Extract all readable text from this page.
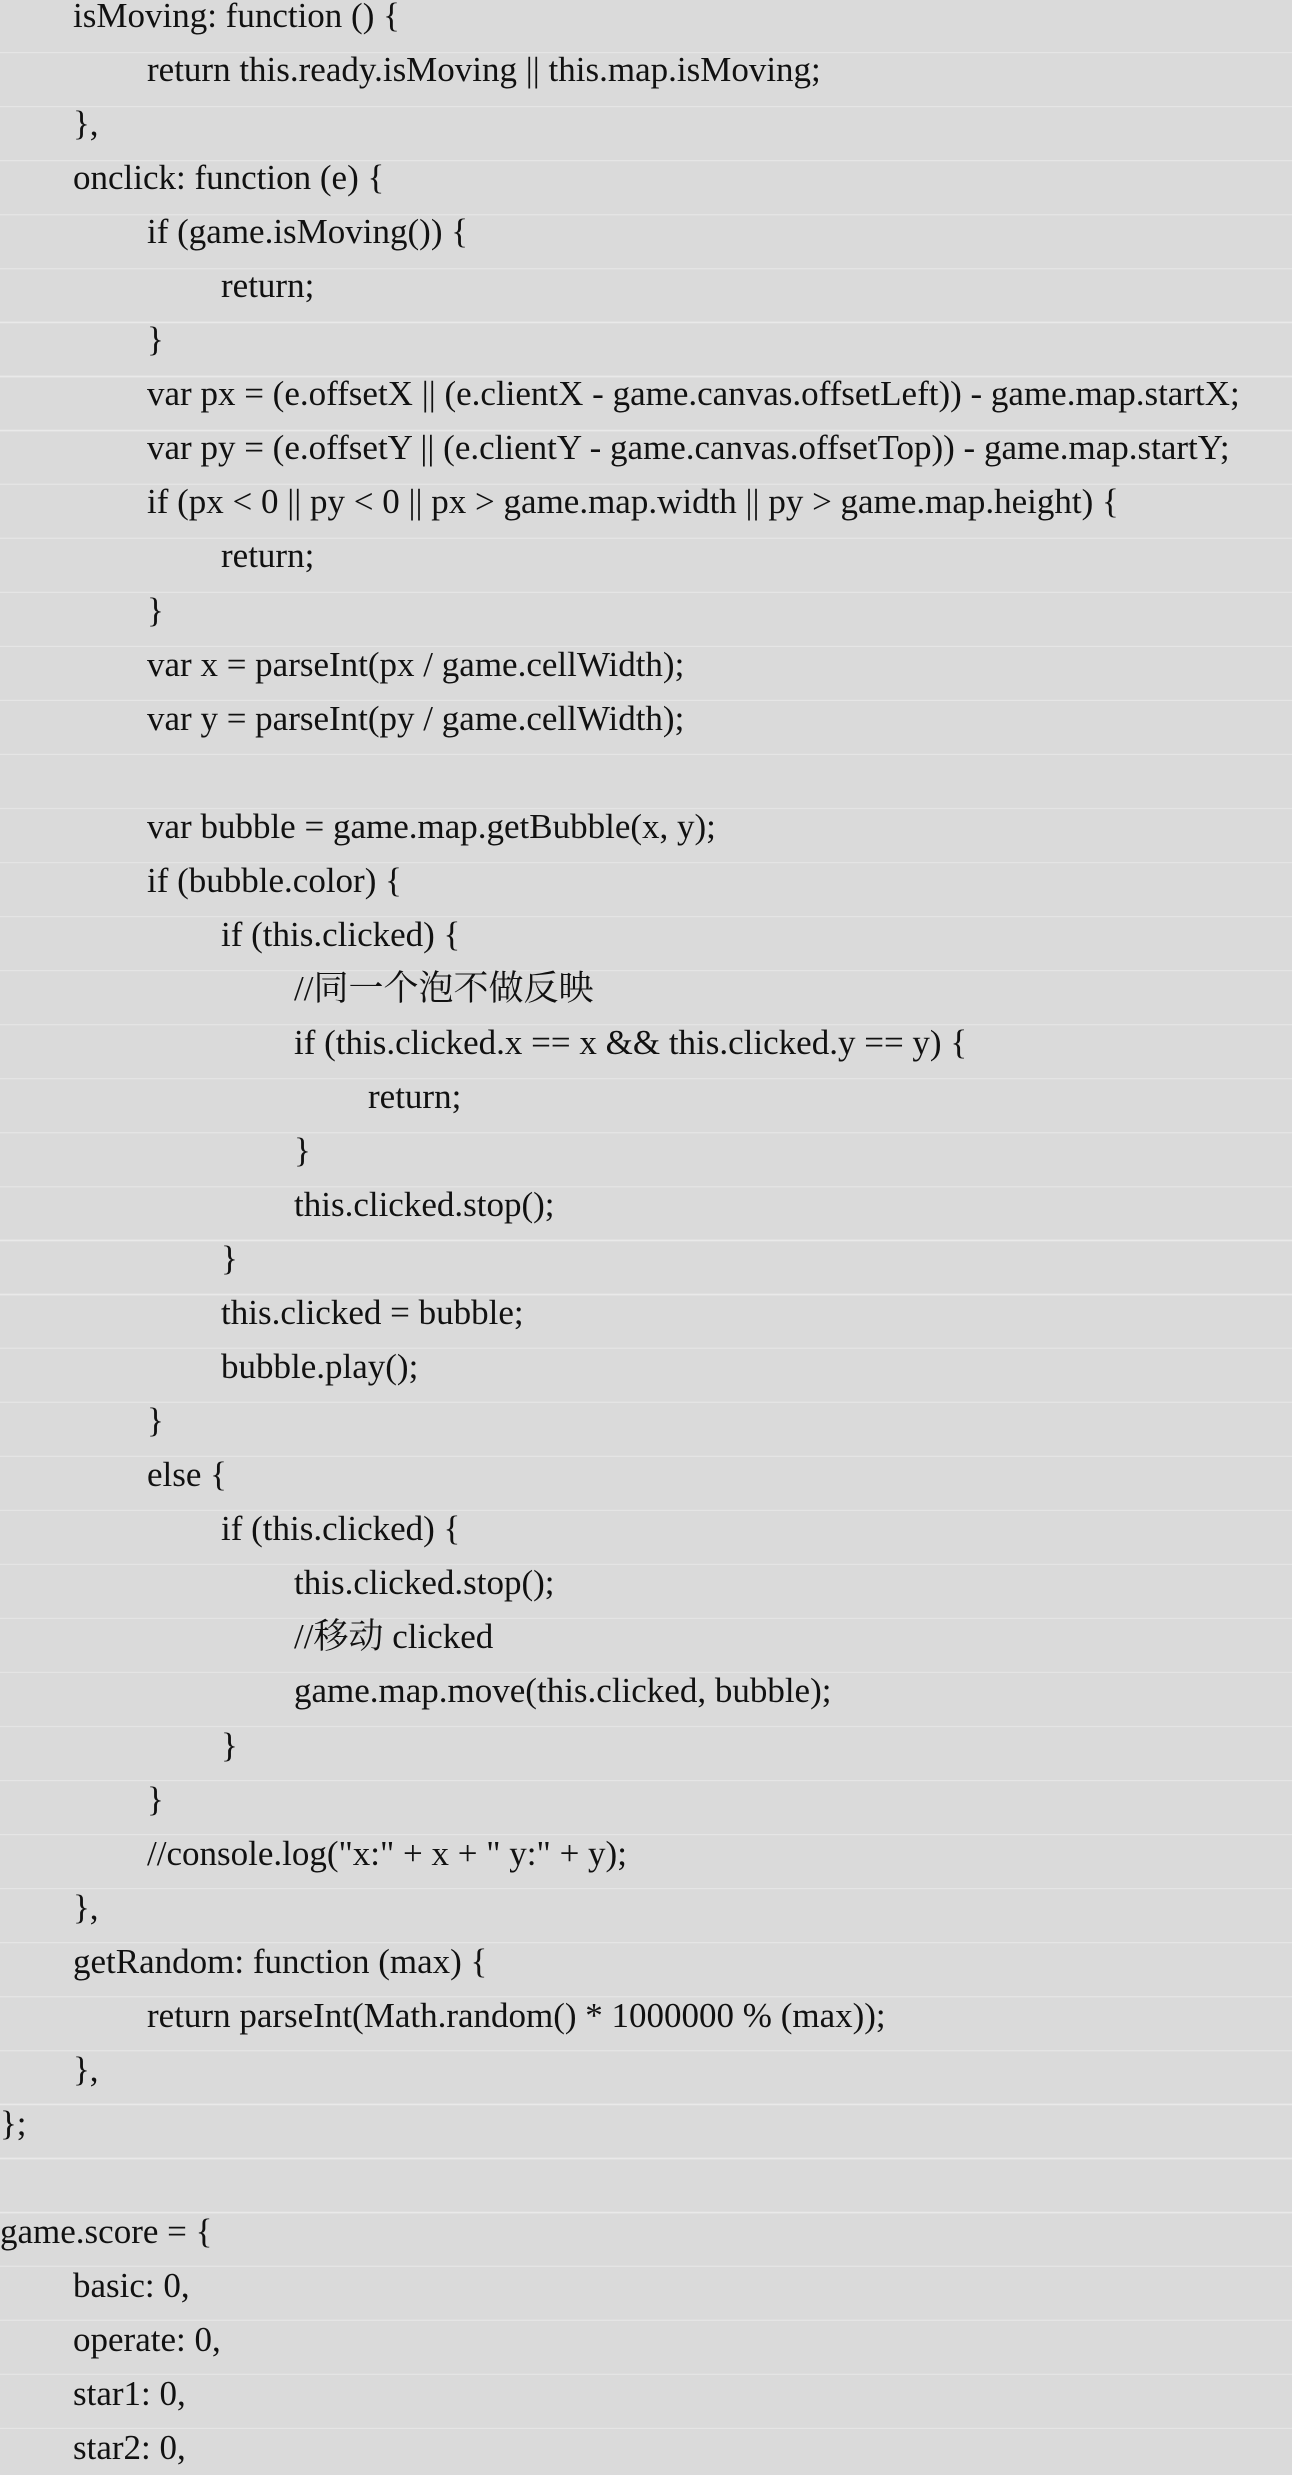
isMoving: function () {
return this.ready.isMoving || this.map.isMoving;
},
onclick: function (e) {
if (game.isMoving()) {
return;
}
var px = (e.offsetX || (e.clientX - game.canvas.offsetLeft)) - game.map.startX;
var py = (e.offsetY || (e.clientY - game.canvas.offsetTop)) - game.map.startY;
if (px < 0 || py < 0 || px > game.map.width || py > game.map.height) {
return;
}
var x = parseInt(px / game.cellWidth);
var y = parseInt(py / game.cellWidth);
var bubble = game.map.getBubble(x, y);
if (bubble.color) {
if (this.clicked) {
//同一个泡不做反映
if (this.clicked.x == x && this.clicked.y == y) {
return;
}
this.clicked.stop();
}
this.clicked = bubble;
bubble.play();
}
else {
if (this.clicked) {
this.clicked.stop();
//移动 clicked
game.map.move(this.clicked, bubble);
}
}
//console.log("x:" + x + " y:" + y);
},
getRandom: function (max) {
return parseInt(Math.random() * 1000000 % (max));
},
};
game.score = {
basic: 0,
operate: 0,
star1: 0,
star2: 0,
